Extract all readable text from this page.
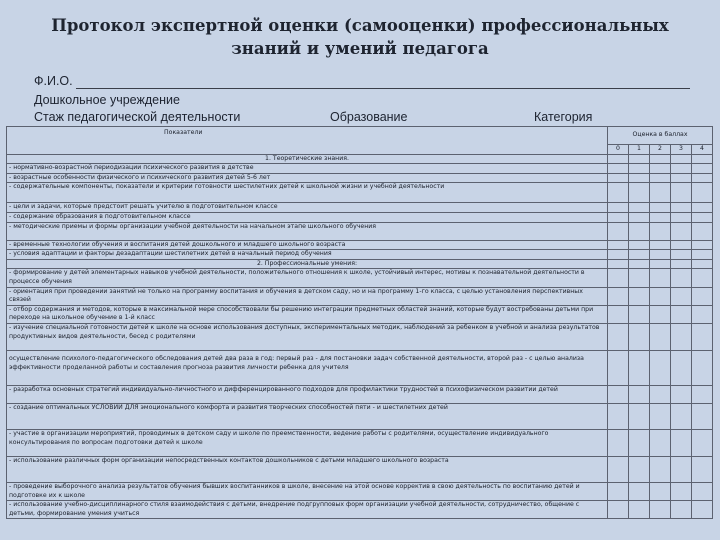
Протокол экспертной оценки (самооценки) профессиональных
знаний и умений педагога
Ф.И.О.
Дошкольное учреждение
Стаж педагогической деятельности	Образование	Категория
Показатели	Оценка в баллах				
	0	1	2	3	4
1. Теоретические знания.					
- нормативно-возрастной периодизации психического развития в детстве					
- возрастные особенности физического и психического развития детей 5-6 лет					
- содержательные компоненты, показатели и критерии готовности шестилетних детей к школьной жизни и учебной деятельности					
- цели и задачи, которые предстоит решать учителю в подготовительном классе					
- содержание образования в подготовительном классе					
- методические приемы и формы организации учебной деятельности на начальном этапе школьного обучения					
- временные технологии обучения и воспитания детей дошкольного и младшего школьного возраста					
- условия адаптации и факторы дезадаптации шестилетних детей в начальный период обучения					
2. Профессиональные умения:					
- формирование у детей элементарных навыков учебной деятельности, положительного отношения к школе, устойчивый интерес, мотивы к познавательной деятельности в процессе обучения					
- ориентация при проведении занятий не только на программу воспитания и обучения в детском саду, но и на программу 1-го класса, с целью установления перспективных связей					
- отбор содержания и методов, которые в максимальной мере способствовали бы решению интеграции предметных областей знаний, которые будут востребованы детьми при переходе на школьное обучение в 1-й класс					
- изучение специальной готовности детей к школе на основе использования доступных, экспериментальных методик, наблюдений за ребенком в учебной и анализа результатов продуктивных видов деятельности, бесед с родителями					
осуществление психолого-педагогического обследования детей два раза в год: первый раз - для постановки задач собственной деятельности, второй раз - с целью анализа эффективности проделанной работы и составления прогноза развития личности ребенка для учителя					
- разработка основных стратегий индивидуально-личностного и дифференцированного подходов для профилактики трудностей в психофизическом развитии детей					
- создание оптимальных УСЛОВИЙ ДЛЯ эмоционального комфорта и развития творческих способностей пяти - и шестилетних детей					
- участие в организации мероприятий, проводимых в детском саду и школе по преемственности, ведение работы с родителями, осуществление индивидуального консультирования по вопросам подготовки детей к школе					
- использование различных форм организации непосредственных контактов дошкольников с детьми младшего школьного возраста					
- проведение выборочного анализа результатов обучения бывших воспитанников в школе, внесение на этой основе корректив в свою деятельность по воспитанию детей и подготовке их к школе					
- использование учебно-дисциплинарного стиля взаимодействия с детьми, внедрение подгрупповых форм организации учебной деятельности, сотрудничество, общение с детьми, формирование умения учиться					
